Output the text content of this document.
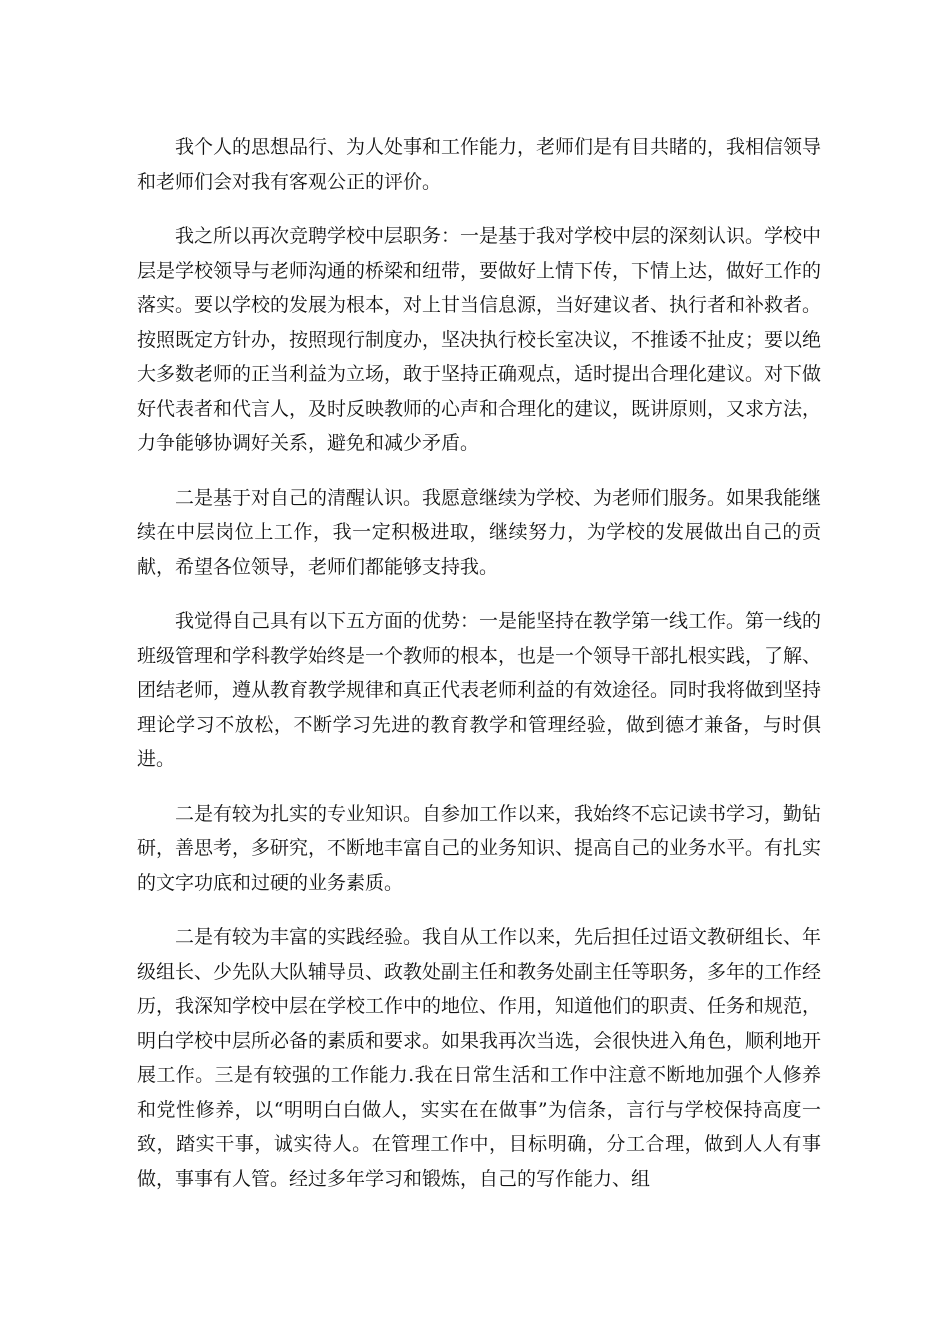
我个人的思想品行、为人处事和工作能力，老师们是有目共睹的，我相信领导和老师们会对我有客观公正的评价。

我之所以再次竞聘学校中层职务：一是基于我对学校中层的深刻认识。学校中层是学校领导与老师沟通的桥梁和纽带，要做好上情下传，下情上达，做好工作的落实。要以学校的发展为根本，对上甘当信息源，当好建议者、执行者和补救者。按照既定方针办，按照现行制度办，坚决执行校长室决议，不推诿不扯皮；要以绝大多数老师的正当利益为立场，敢于坚持正确观点，适时提出合理化建议。对下做好代表者和代言人，及时反映教师的心声和合理化的建议，既讲原则，又求方法，力争能够协调好关系，避免和减少矛盾。

二是基于对自己的清醒认识。我愿意继续为学校、为老师们服务。如果我能继续在中层岗位上工作，我一定积极进取，继续努力，为学校的发展做出自己的贡献，希望各位领导，老师们都能够支持我。

我觉得自己具有以下五方面的优势：一是能坚持在教学第一线工作。第一线的班级管理和学科教学始终是一个教师的根本，也是一个领导干部扎根实践，了解、团结老师，遵从教育教学规律和真正代表老师利益的有效途径。同时我将做到坚持理论学习不放松，不断学习先进的教育教学和管理经验，做到德才兼备，与时俱进。

二是有较为扎实的专业知识。自参加工作以来，我始终不忘记读书学习，勤钻研，善思考，多研究，不断地丰富自己的业务知识、提高自己的业务水平。有扎实的文字功底和过硬的业务素质。

二是有较为丰富的实践经验。我自从工作以来，先后担任过语文教研组长、年级组长、少先队大队辅导员、政教处副主任和教务处副主任等职务，多年的工作经历，我深知学校中层在学校工作中的地位、作用，知道他们的职责、任务和规范，明白学校中层所必备的素质和要求。如果我再次当选，会很快进入角色，顺利地开展工作。三是有较强的工作能力.我在日常生活和工作中注意不断地加强个人修养和党性修养，以“明明白白做人，实实在在做事”为信条，言行与学校保持高度一致，踏实干事，诚实待人。在管理工作中，目标明确，分工合理，做到人人有事做，事事有人管。经过多年学习和锻炼，自己的写作能力、组
